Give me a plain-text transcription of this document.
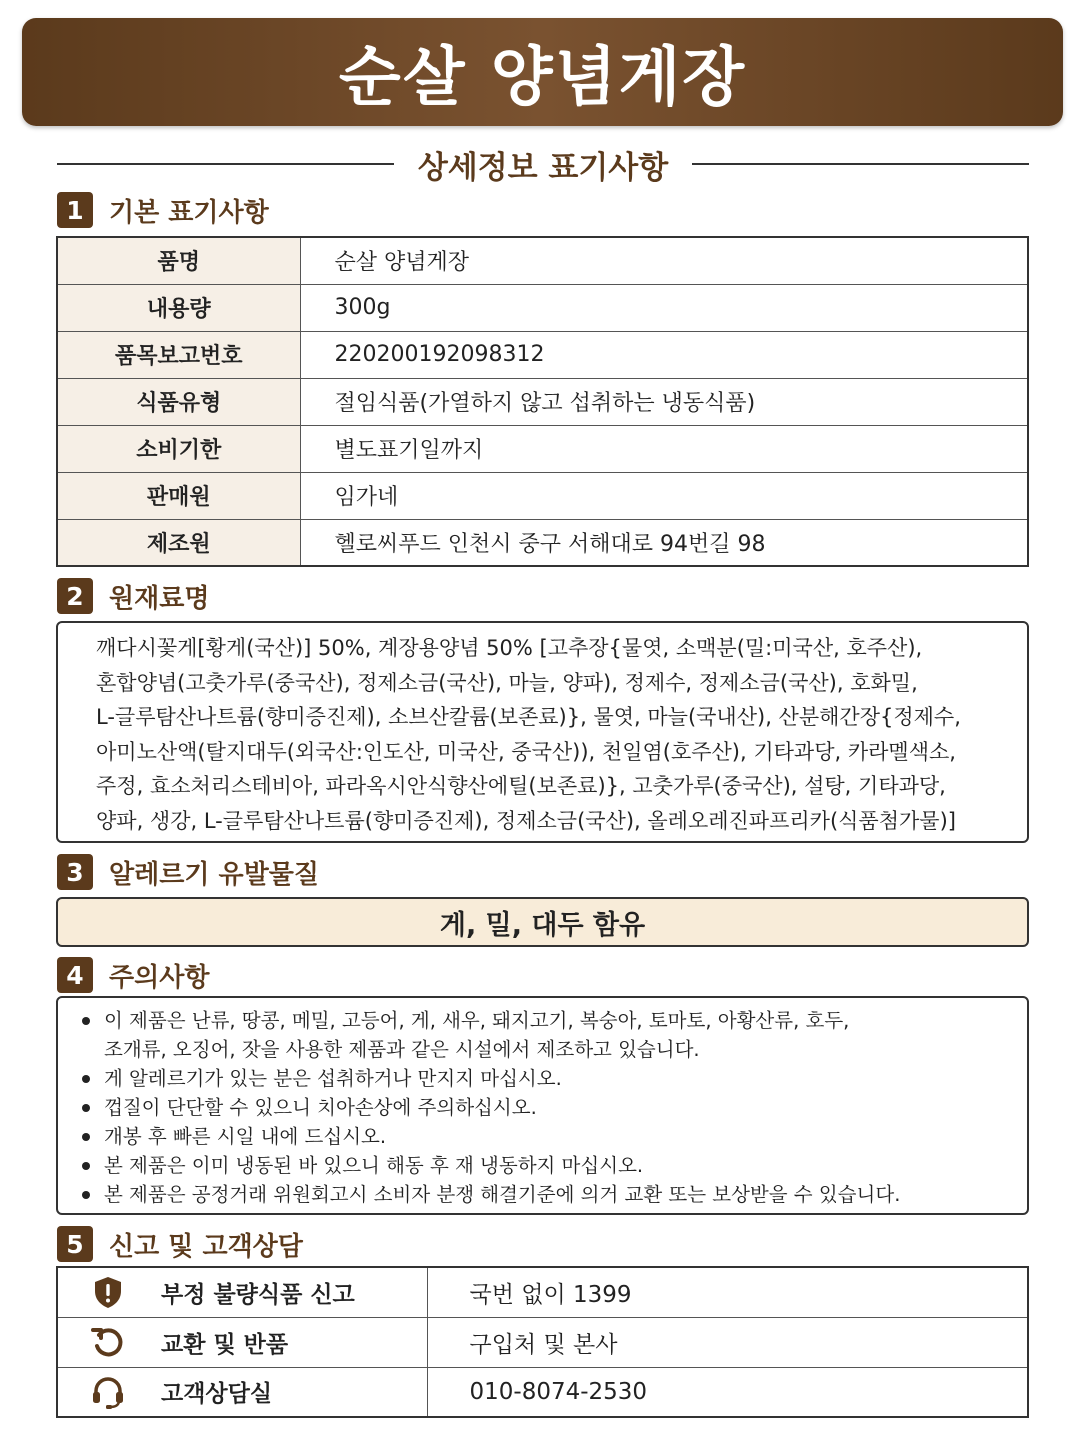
순살 양념게장
상세정보 표기사항
1 기본 표기사항
품명	순살 양념게장
내용량	300g
품목보고번호	220200192098312
식품유형	절임식품(가열하지 않고 섭취하는 냉동식품)
소비기한	별도표기일까지
판매원	임가네
제조원	헬로씨푸드 인천시 중구 서해대로 94번길 98
2 원재료명
깨다시꽃게[황게(국산)] 50%, 계장용양념 50% [고추장{물엿, 소맥분(밀:미국산, 호주산),
혼합양념(고춧가루(중국산), 정제소금(국산), 마늘, 양파), 정제수, 정제소금(국산), 호화밀,
L-글루탐산나트륨(향미증진제), 소브산칼륨(보존료)}, 물엿, 마늘(국내산), 산분해간장{정제수,
아미노산액(탈지대두(외국산:인도산, 미국산, 중국산)), 천일염(호주산), 기타과당, 카라멜색소,
주정, 효소처리스테비아, 파라옥시안식향산에틸(보존료)}, 고춧가루(중국산), 설탕, 기타과당,
양파, 생강, L-글루탐산나트륨(향미증진제), 정제소금(국산), 올레오레진파프리카(식품첨가물)]
3 알레르기 유발물질
게, 밀, 대두 함유
4 주의사항
이 제품은 난류, 땅콩, 메밀, 고등어, 게, 새우, 돼지고기, 복숭아, 토마토, 아황산류, 호두,
조개류, 오징어, 잣을 사용한 제품과 같은 시설에서 제조하고 있습니다.
게 알레르기가 있는 분은 섭취하거나 만지지 마십시오.
껍질이 단단할 수 있으니 치아손상에 주의하십시오.
개봉 후 빠른 시일 내에 드십시오.
본 제품은 이미 냉동된 바 있으니 해동 후 재 냉동하지 마십시오.
본 제품은 공정거래 위원회고시 소비자 분쟁 해결기준에 의거 교환 또는 보상받을 수 있습니다.
5 신고 및 고객상담
	부정 불량식품 신고	국번 없이 1399
	교환 및 반품	구입처 및 본사
	고객상담실	010-8074-2530
